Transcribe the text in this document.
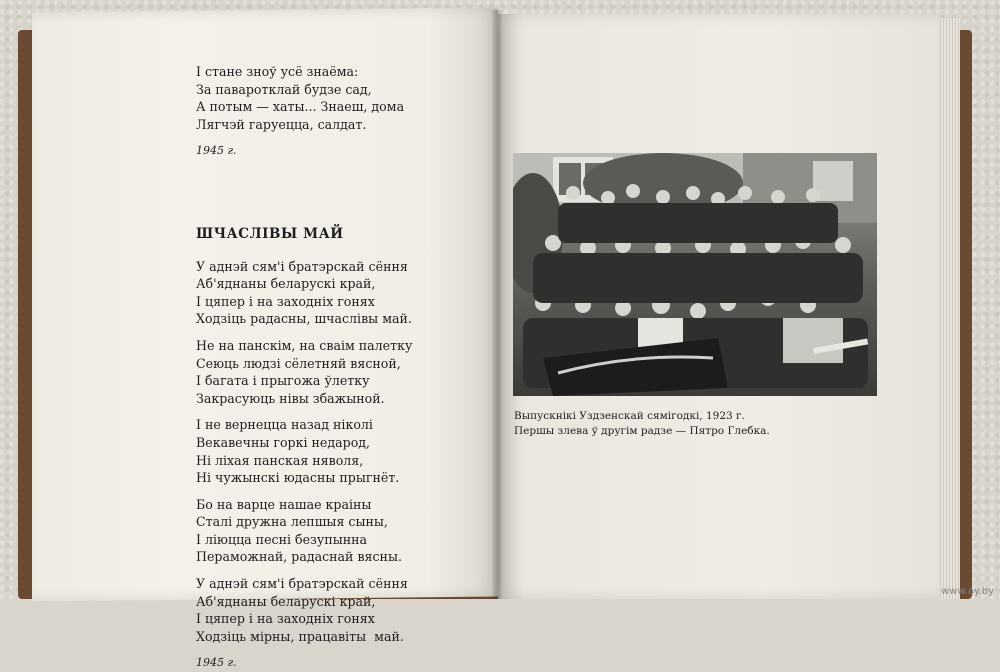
І стане зноў усё знаёма:
За паваротклай будзе сад,
А потым — хаты... Знаеш, дома
Лягчэй гаруецца, салдат.
1945 г.
ШЧАСЛІВЫ МАЙ
У аднэй сям'і братэрскай сёння
Аб'яднаны беларускі край,
І цяпер і на заходніх гонях
Ходзіць радасны, шчаслівы май.
Не на панскім, на сваім палетку
Сеюць людзі сёлетняй вясной,
І багата і прыгожа ўлетку
Закрасуюць нівы збажыной.
І не вернецца назад ніколі
Векавечны горкі недарод,
Ні ліхая панская няволя,
Ні чужынскі юдасны прыгнёт.
Бо на варце нашае краіны
Сталі дружна лепшыя сыны,
І ліюцца песні безупынна
Пераможнай, радаснай вясны.
У аднэй сям'і братэрскай сёння
Аб'яднаны беларускі край,
І цяпер і на заходніх гонях
Ходзіць мірны, працавіты  май.
1945 г.
Выпускнікі Уздзенскай сямігодкі, 1923 г.
Першы злева ў другім радзе — Пятро Глебка.
www.ay.by
